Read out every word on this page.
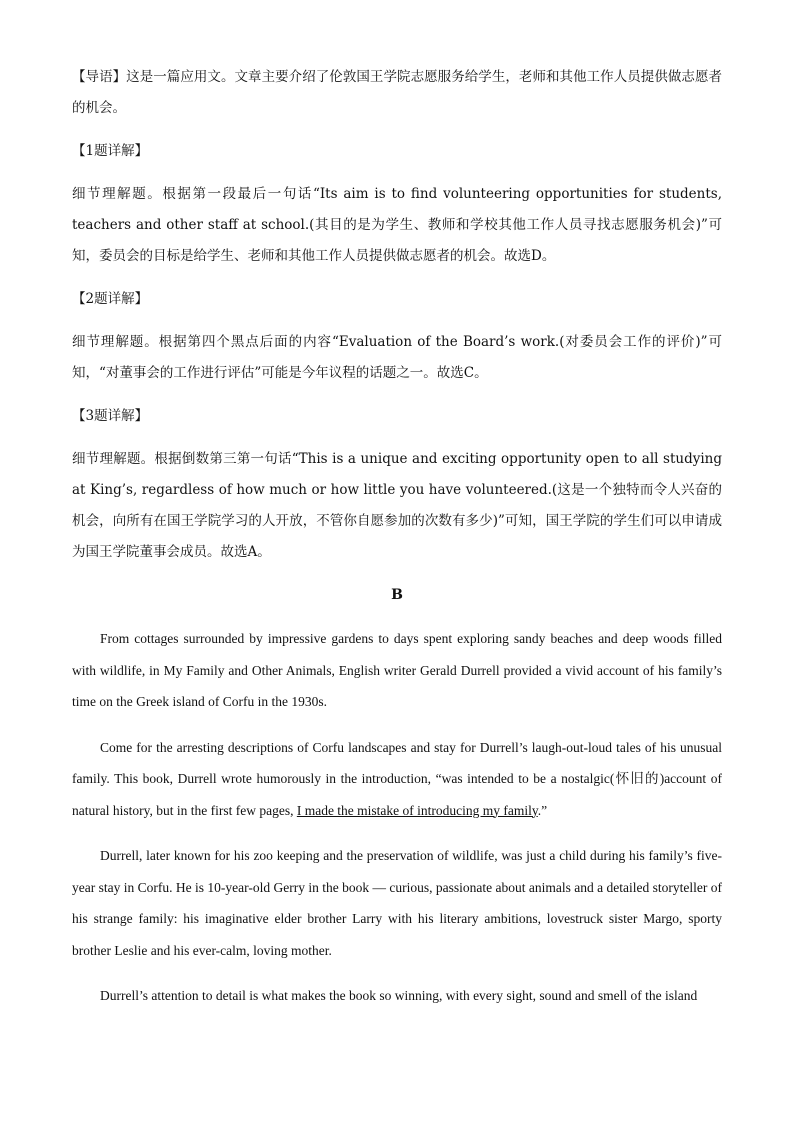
【导语】这是一篇应用文。文章主要介绍了伦敦国王学院志愿服务给学生，老师和其他工作人员提供做志愿者的机会。

【1题详解】

细节理解题。根据第一段最后一句话“Its aim is to find volunteering opportunities for students, teachers and other staff at school.(其目的是为学生、教师和学校其他工作人员寻找志愿服务机会)”可知，委员会的目标是给学生、老师和其他工作人员提供做志愿者的机会。故选D。

【2题详解】

细节理解题。根据第四个黑点后面的内容“Evaluation of the Board’s work.(对委员会工作的评价)”可知，“对董事会的工作进行评估”可能是今年议程的话题之一。故选C。

【3题详解】

细节理解题。根据倒数第三第一句话“This is a unique and exciting opportunity open to all studying at King’s, regardless of how much or how little you have volunteered.(这是一个独特而令人兴奋的机会，向所有在国王学院学习的人开放，不管你自愿参加的次数有多少)”可知，国王学院的学生们可以申请成为国王学院董事会成员。故选A。

B

From cottages surrounded by impressive gardens to days spent exploring sandy beaches and deep woods filled with wildlife, in My Family and Other Animals, English writer Gerald Durrell provided a vivid account of his family’s time on the Greek island of Corfu in the 1930s.

Come for the arresting descriptions of Corfu landscapes and stay for Durrell’s laugh-out-loud tales of his unusual family. This book, Durrell wrote humorously in the introduction, “was intended to be a nostalgic(怀旧的)account of natural history, but in the first few pages, I made the mistake of introducing my family.”

Durrell, later known for his zoo keeping and the preservation of wildlife, was just a child during his family’s five-year stay in Corfu. He is 10-year-old Gerry in the book — curious, passionate about animals and a detailed storyteller of his strange family: his imaginative elder brother Larry with his literary ambitions, lovestruck sister Margo, sporty brother Leslie and his ever-calm, loving mother.

Durrell’s attention to detail is what makes the book so winning, with every sight, sound and smell of the island
